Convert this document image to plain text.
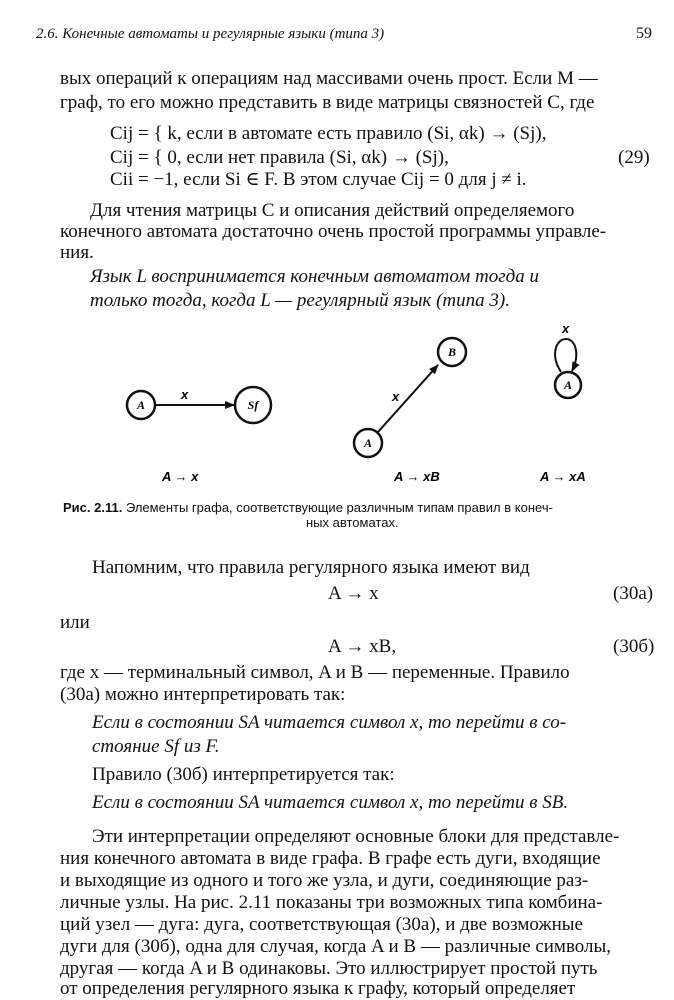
2.6. Конечные автоматы и регулярные языки (типа 3)	59
вых операций к операциям над массивами очень прост. Если M —
граф, то его можно представить в виде матрицы связностей C, где
Cij = { k, если в автомате есть правило (Si, αk) → (Sj),
Cij = { 0, если нет правила (Si, αk) → (Sj),	(29)
Cii = −1, если Si ∈ F. В этом случае Cij = 0 для j ≠ i.
Для чтения матрицы C и описания действий определяемого
конечного автомата достаточно очень простой программы управле-
ния.
Язык L воспринимается конечным автоматом тогда и
только тогда, когда L — регулярный язык (типа 3).
A
x
Sf
A
x
B
x
A
A → x	A → xB	A → xA
Рис. 2.11. Элементы графа, соответствующие различным типам правил в конеч-
ных автоматах.
Напомним, что правила регулярного языка имеют вид
A → x	(30а)
или
A → xB,	(30б)
где x — терминальный символ, A и B — переменные. Правило
(30а) можно интерпретировать так:
Если в состоянии SA читается символ x, то перейти в со-
стояние Sf из F.
Правило (30б) интерпретируется так:
Если в состоянии SA читается символ x, то перейти в SB.
Эти интерпретации определяют основные блоки для представле-
ния конечного автомата в виде графа. В графе есть дуги, входящие
и выходящие из одного и того же узла, и дуги, соединяющие раз-
личные узлы. На рис. 2.11 показаны три возможных типа комбина-
ций узел — дуга: дуга, соответствующая (30а), и две возможные
дуги для (30б), одна для случая, когда A и B — различные символы,
другая — когда A и B одинаковы. Это иллюстрирует простой путь
от определения регулярного языка к графу, который определяет
